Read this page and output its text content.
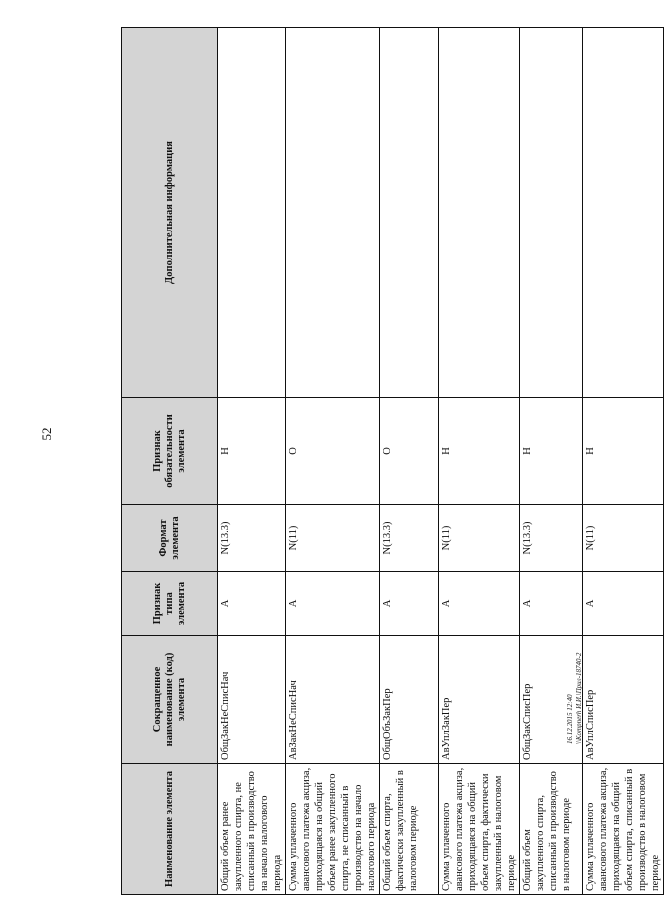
52
16.12.2015 12:40 \\Kompnerh И.И.\Прил-18740-2
Наименование элемента	Сокращенное наименование (код) элемента	Признак типа элемента	Формат элемента	Признак обязательности элемента	Дополнительная информация
Общий объем ранее закупленного спирта, не списанный в производство на начало налогового периода	ОбщЗакНеСписНач	А	N(13.3)	Н	
Сумма уплаченного авансового платежа акциза, приходящаяся на общий объем ранее закупленного спирта, не списанный в производство на начало налогового периода	АвЗакНеСписНач	А	N(11)	О	
Общий объем спирта, фактически закупленный в налоговом периоде	ОбщОбъЗакПер	А	N(13.3)	О	
Сумма уплаченного авансового платежа акциза, приходящаяся на общий объем спирта, фактически закупленный в налоговом периоде	АвУплЗакПер	А	N(11)	Н	
Общий объем закупленного спирта, списанный в производство в налоговом периоде	ОбщЗакСписПер	А	N(13.3)	Н	
Сумма уплаченного авансового платежа акциза, приходящаяся на общий объем спирта, списанный в производство в налоговом периоде	АвУплСписПер	А	N(11)	Н	
